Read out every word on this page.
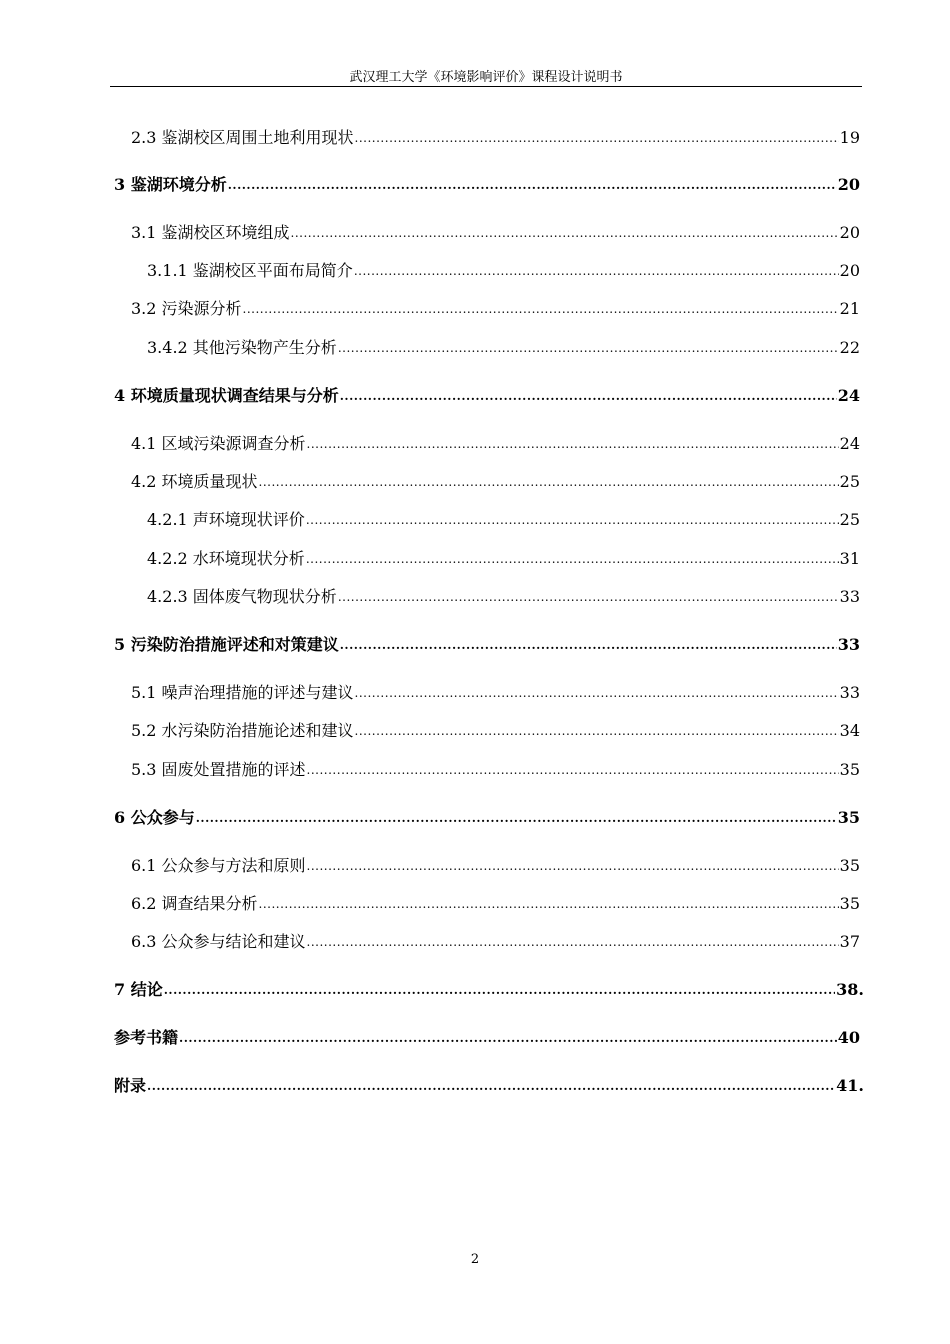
武汉理工大学《环境影响评价》课程设计说明书
2.3 鉴湖校区周围土地利用现状 .....	19
3 鉴湖环境分析 .....	20
3.1 鉴湖校区环境组成 .....	20
3.1.1 鉴湖校区平面布局简介 .....	20
3.2 污染源分析 .....	21
3.4.2 其他污染物产生分析 .....	22
4 环境质量现状调查结果与分析 .....	24
4.1 区域污染源调查分析 .....	24
4.2 环境质量现状 .....	25
4.2.1 声环境现状评价 .....	25
4.2.2 水环境现状分析 .....	31
4.2.3 固体废气物现状分析 .....	33
5 污染防治措施评述和对策建议 .....	33
5.1 噪声治理措施的评述与建议 .....	33
5.2 水污染防治措施论述和建议 .....	34
5.3 固废处置措施的评述 .....	35
6 公众参与 .....	35
6.1 公众参与方法和原则 .....	35
6.2 调查结果分析 .....	35
6.3 公众参与结论和建议 .....	37
7 结论 .....	38.
参考书籍 .....	40
附录 .....	41.
2
